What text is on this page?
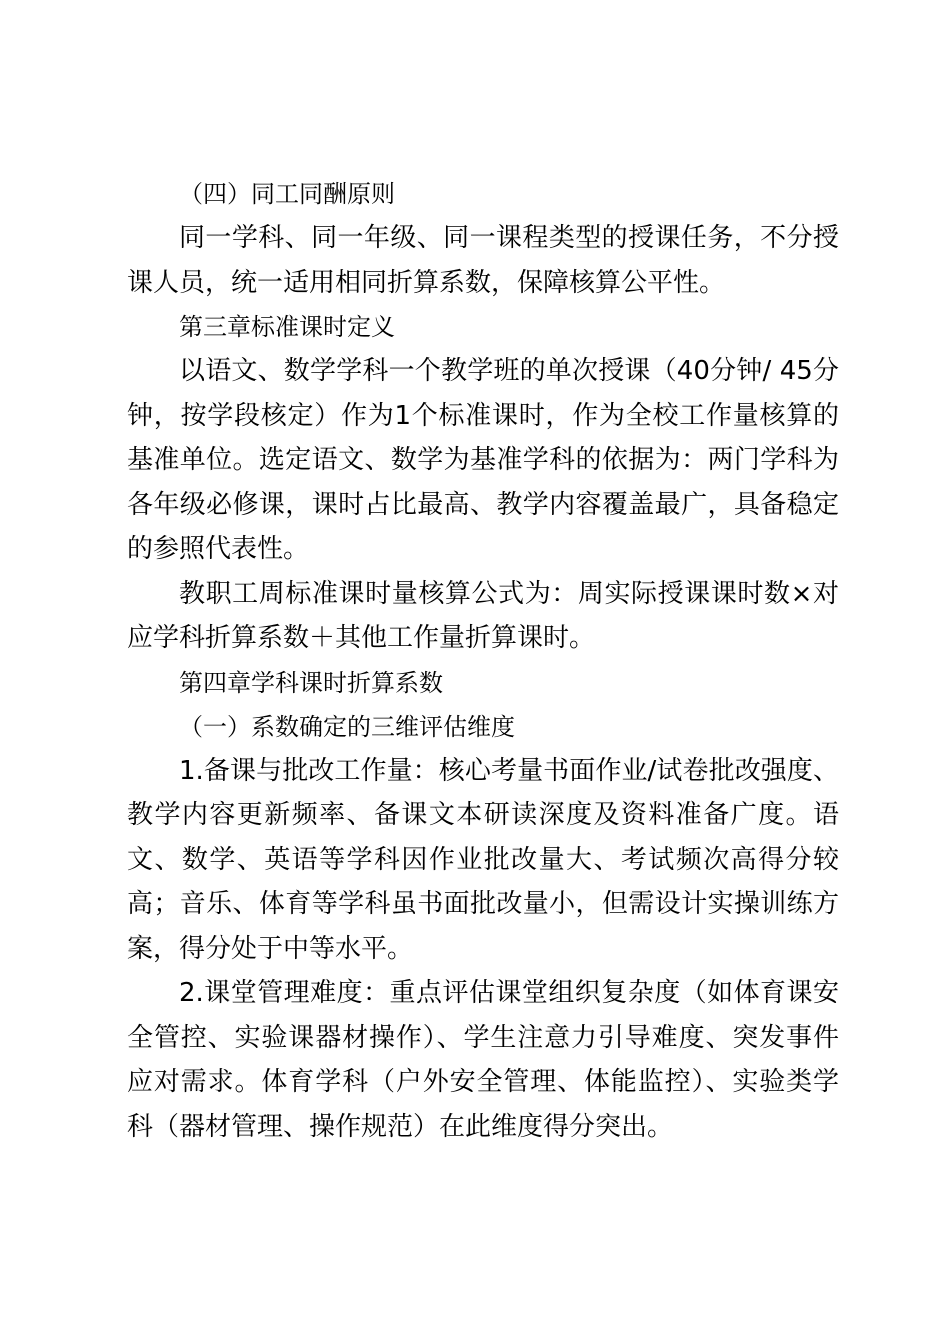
（四）同工同酬原则

同一学科、同一年级、同一课程类型的授课任务，不分授课人员，统一适用相同折算系数，保障核算公平性。

第三章标准课时定义

以语文、数学学科一个教学班的单次授课（40分钟/ 45分钟，按学段核定）作为1个标准课时，作为全校工作量核算的基准单位。选定语文、数学为基准学科的依据为：两门学科为各年级必修课，课时占比最高、教学内容覆盖最广，具备稳定的参照代表性。

教职工周标准课时量核算公式为：周实际授课课时数×对应学科折算系数＋其他工作量折算课时。

第四章学科课时折算系数

（一）系数确定的三维评估维度

1.备课与批改工作量：核心考量书面作业/试卷批改强度、教学内容更新频率、备课文本研读深度及资料准备广度。语文、数学、英语等学科因作业批改量大、考试频次高得分较高；音乐、体育等学科虽书面批改量小，但需设计实操训练方案，得分处于中等水平。

2.课堂管理难度：重点评估课堂组织复杂度（如体育课安全管控、实验课器材操作）、学生注意力引导难度、突发事件应对需求。体育学科（户外安全管理、体能监控）、实验类学科（器材管理、操作规范）在此维度得分突出。
